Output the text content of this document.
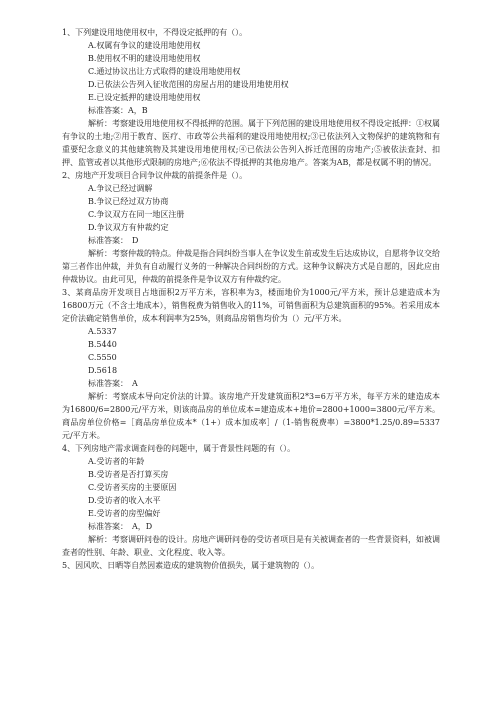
1、下列建设用地使用权中，不得设定抵押的有（）。

A.权属有争议的建设用地使用权

B.使用权不明的建设用地使用权

C.通过协议出让方式取得的建设用地使用权

D.已依法公告列入征收范围的房屋占用的建设用地使用权

E.已设定抵押的建设用地使用权

标准答案：A，B

解析：考察建设用地使用权不得抵押的范围。属于下列范围的建设用地使用权不得设定抵押：①权属有争议的土地;②用于教育、医疗、市政等公共福利的建设用地使用权;③已依法列入文物保护的建筑物和有重要纪念意义的其他建筑物及其建设用地使用权;④已依法公告列入拆迁范围的房地产;⑤被依法查封、扣押、监管或者以其他形式限制的房地产;⑥依法不得抵押的其他房地产。答案为AB，都是权属不明的情况。

2、房地产开发项目合同争议仲裁的前提条件是（）。

A.争议已经过调解

B.争议已经过双方协商

C.争议双方在同一地区注册

D.争议双方有仲裁约定

标准答案：　D

解析：考察仲裁的特点。仲裁是指合同纠纷当事人在争议发生前或发生后达成协议，自愿将争议交给第三者作出仲裁，并负有自动履行义务的一种解决合同纠纷的方式。这种争议解决方式是自愿的，因此应由仲裁协议。由此可见，仲裁的前提条件是争议双方有仲裁约定。

3、某商品房开发项目占地面积2万平方米，容积率为3，楼面地价为1000元/平方米，预计总建造成本为16800万元（不含土地成本），销售税费为销售收入的11%，可销售面积为总建筑面积的95%。若采用成本定价法确定销售单价，成本利润率为25%，则商品房销售均价为（）元/平方米。

A.5337

B.5440

C.5550

D.5618

标准答案：　A

解析：考察成本导向定价法的计算。该房地产开发建筑面积2*3=6万平方米，每平方米的建造成本为16800/6=2800元/平方米，则该商品房的单位成本=建造成本+地价=2800+1000=3800元/平方米。商品房单位价格=［商品房单位成本*（1+）成本加成率］/（1-销售税费率）=3800*1.25/0.89=5337元/平方米。

4、下列房地产需求调查问卷的问题中，属于背景性问题的有（）。

A.受访者的年龄

B.受访者是否打算买房

C.受访者买房的主要原因

D.受访者的收入水平

E.受访者的房型偏好

标准答案：　A，D

解析：考察调研问卷的设计。房地产调研问卷的受访者项目是有关被调查者的一些背景资料，如被调查者的性别、年龄、职业、文化程度、收入等。

5、因风吹、日晒等自然因素造成的建筑物价值损失，属于建筑物的（）。
